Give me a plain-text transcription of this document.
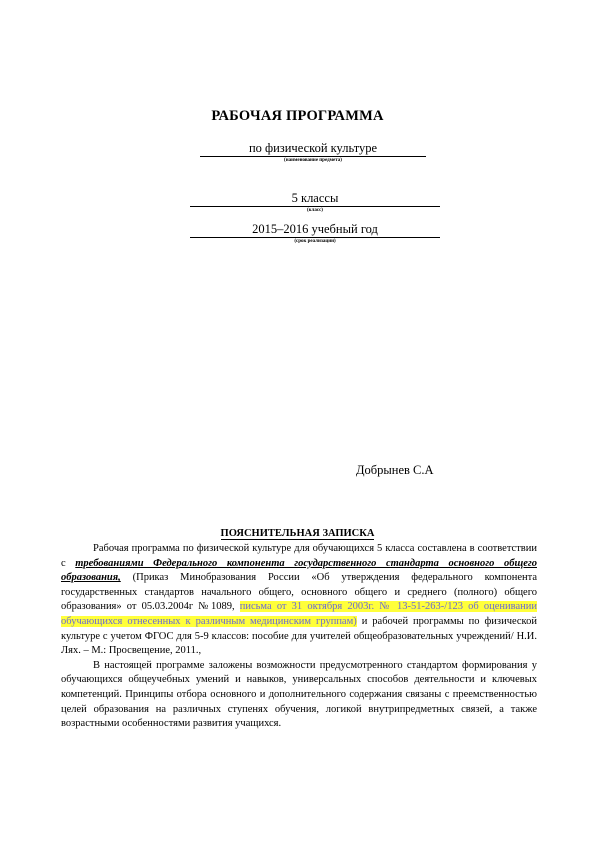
РАБОЧАЯ ПРОГРАММА
по физической культуре
(наименование предмета)
5 классы
(класс)
2015–2016 учебный год
(срок реализации)
Добрынев С.А
ПОЯСНИТЕЛЬНАЯ ЗАПИСКА

Рабочая программа по физической культуре для обучающихся 5 класса составлена в соответствии с требованиями Федерального компонента государственного стандарта основного общего образования, (Приказ Минобразования России «Об утверждения федерального компонента государственных стандартов начального общего, основного общего и среднего (полного) общего образования» от 05.03.2004г №1089, письма от 31 октября 2003г. № 13-51-263-/123 об оценивании обучающихся отнесенных к различным медицинским группам) и рабочей программы по физической культуре с учетом ФГОС для 5-9 классов: пособие для учителей общеобразовательных учреждений/ Н.И. Лях. – М.: Просвещение, 2011.,

В настоящей программе заложены возможности предусмотренного стандартом формирования у обучающихся общеучебных умений и навыков, универсальных способов деятельности и ключевых компетенций. Принципы отбора основного и дополнительного содержания связаны с преемственностью целей образования на различных ступенях обучения, логикой внутрипредметных связей, а также возрастными особенностями развития учащихся.
